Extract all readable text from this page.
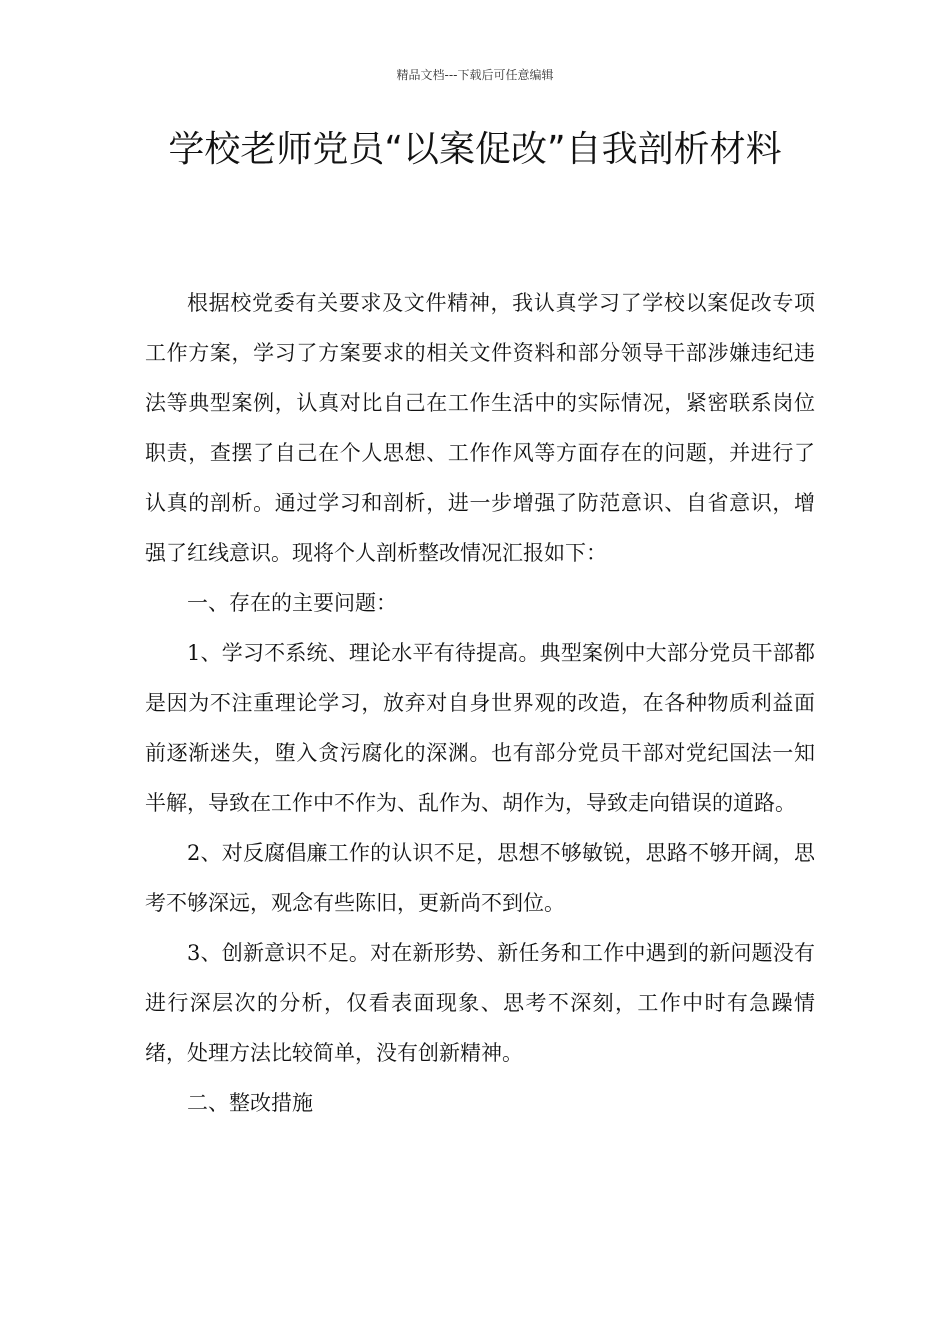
精品文档---下载后可任意编辑
学校老师党员“以案促改”自我剖析材料

根据校党委有关要求及文件精神，我认真学习了学校以案促改专项工作方案，学习了方案要求的相关文件资料和部分领导干部涉嫌违纪违法等典型案例，认真对比自己在工作生活中的实际情况，紧密联系岗位职责，查摆了自己在个人思想、工作作风等方面存在的问题，并进行了认真的剖析。通过学习和剖析，进一步增强了防范意识、自省意识，增强了红线意识。现将个人剖析整改情况汇报如下：

一、存在的主要问题：

1、学习不系统、理论水平有待提高。典型案例中大部分党员干部都是因为不注重理论学习，放弃对自身世界观的改造，在各种物质利益面前逐渐迷失，堕入贪污腐化的深渊。也有部分党员干部对党纪国法一知半解，导致在工作中不作为、乱作为、胡作为，导致走向错误的道路。

2、对反腐倡廉工作的认识不足，思想不够敏锐，思路不够开阔，思考不够深远，观念有些陈旧，更新尚不到位。

3、创新意识不足。对在新形势、新任务和工作中遇到的新问题没有进行深层次的分析，仅看表面现象、思考不深刻，工作中时有急躁情绪，处理方法比较简单，没有创新精神。

二、整改措施
